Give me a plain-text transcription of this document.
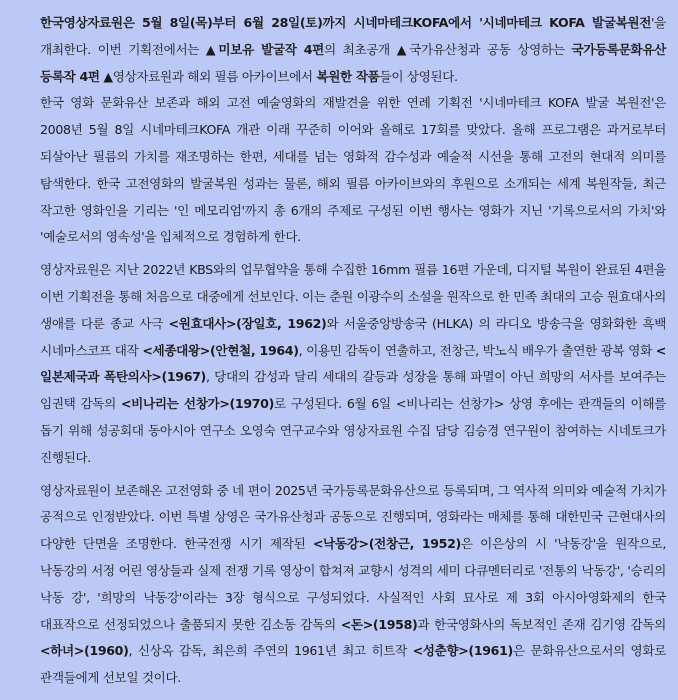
한국영상자료원은 5월 8일(목)부터 6월 28일(토)까지 시네마테크KOFA에서 '시네마테크 KOFA 발굴복원전'을 개최한다. 이번 기획전에서는 ▲미보유 발굴작 4편의 최초공개 ▲국가유산청과 공동 상영하는 국가등록문화유산 등록작 4편 ▲영상자료원과 해외 필름 아카이브에서 복원한 작품들이 상영된다.

한국 영화 문화유산 보존과 해외 고전 예술영화의 재발견을 위한 연례 기획전 '시네마테크 KOFA 발굴 복원전'은 2008년 5월 8일 시네마테크KOFA 개관 이래 꾸준히 이어와 올해로 17회를 맞았다. 올해 프로그램은 과거로부터 되살아난 필름의 가치를 재조명하는 한편, 세대를 넘는 영화적 감수성과 예술적 시선을 통해 고전의 현대적 의미를 탐색한다. 한국 고전영화의 발굴복원 성과는 물론, 해외 필름 아카이브와의 후원으로 소개되는 세계 복원작들, 최근 작고한 영화인을 기리는 '인 메모리엄'까지 총 6개의 주제로 구성된 이번 행사는 영화가 지닌 '기록으로서의 가치'와 '예술로서의 영속성'을 입체적으로 경험하게 한다.

영상자료원은 지난 2022년 KBS와의 업무협약을 통해 수집한 16mm 필름 16편 가운데, 디지털 복원이 완료된 4편을 이번 기획전을 통해 처음으로 대중에게 선보인다. 이는 춘원 이광수의 소설을 원작으로 한 민족 최대의 고승 원효대사의 생애를 다룬 종교 사극 <원효대사>(장일호, 1962)와 서울중앙방송국 (HLKA) 의 라디오 방송극을 영화화한 흑백 시네마스코프 대작 <세종대왕>(안현철, 1964), 이용민 감독이 연출하고, 전창근, 박노식 배우가 출연한 광복 영화 <일본제국과 폭탄의사>(1967), 당대의 감성과 달리 세대의 갈등과 성장을 통해 파멸이 아닌 희망의 서사를 보여주는 임권택 감독의 <비나리는 선창가>(1970)로 구성된다. 6월 6일 <비나리는 선창가> 상영 후에는 관객들의 이해를 돕기 위해 성공회대 동아시아 연구소 오영숙 연구교수와 영상자료원 수집 담당 김승경 연구원이 참여하는 시네토크가 진행된다.

영상자료원이 보존해온 고전영화 중 네 편이 2025년 국가등록문화유산으로 등록되며, 그 역사적 의미와 예술적 가치가 공적으로 인정받았다. 이번 특별 상영은 국가유산청과 공동으로 진행되며, 영화라는 매체를 통해 대한민국 근현대사의 다양한 단면을 조명한다. 한국전쟁 시기 제작된 <낙동강>(전창근, 1952)은 이은상의 시 '낙동강'을 원작으로, 낙동강의 서정 어린 영상들과 실제 전쟁 기록 영상이 합쳐져 교향시 성격의 세미 다큐멘터리로 '전통의 낙동강', '승리의 낙동 강', '희망의 낙동강'이라는 3장 형식으로 구성되었다. 사실적인 사회 묘사로 제 3회 아시아영화제의 한국 대표작으로 선정되었으나 출품되지 못한 김소동 감독의 <돈>(1958)과 한국영화사의 독보적인 존재 김기영 감독의 <하녀>(1960), 신상옥 감독, 최은희 주연의 1961년 최고 히트작 <성춘향>(1961)은 문화유산으로서의 영화로 관객들에게 선보일 것이다.
